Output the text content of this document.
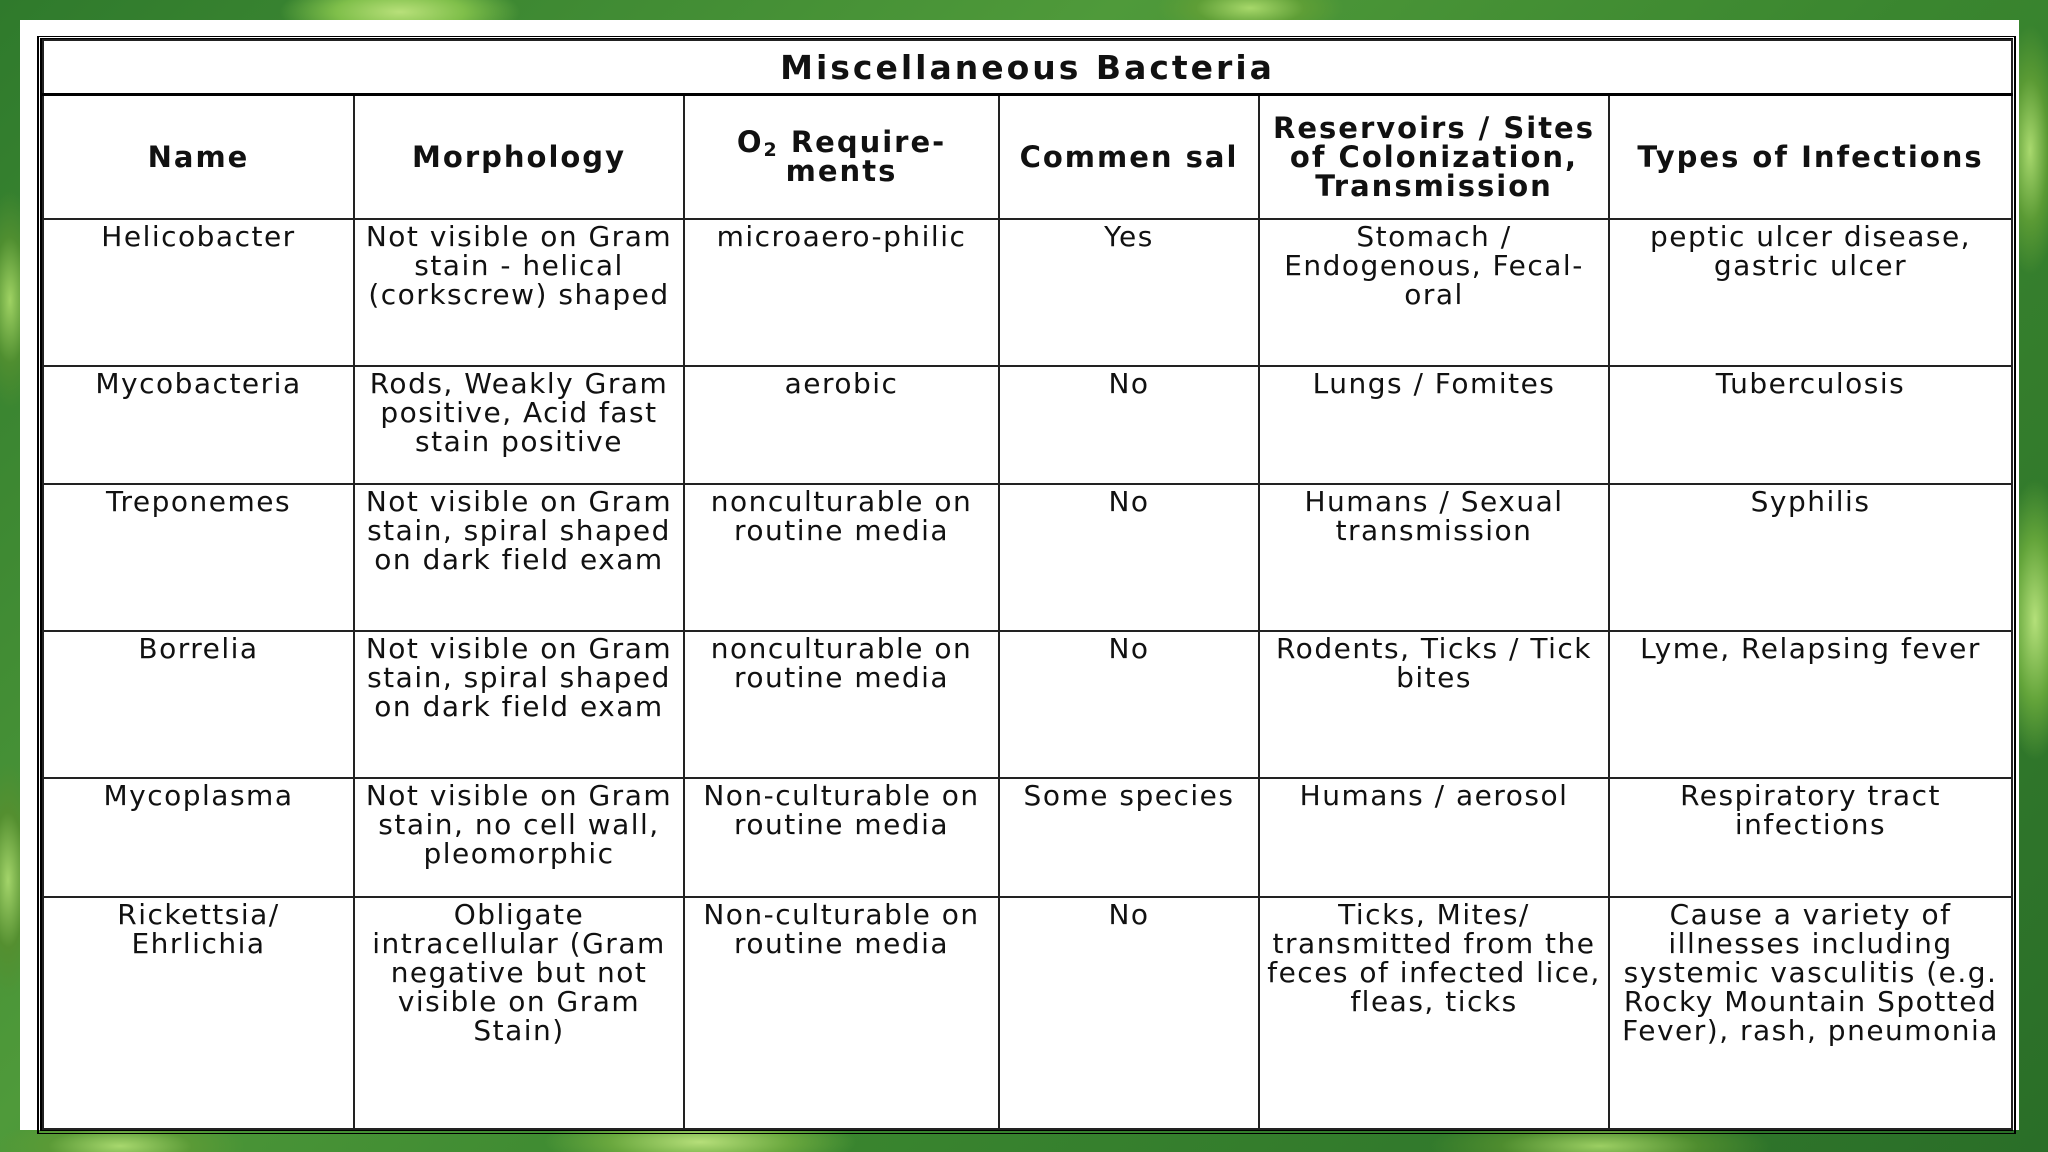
Miscellaneous Bacteria					
Name	Morphology	$O_2$ Require-ments	Commen sal	Reservoirs / Sites of Colonization, Transmission	Types of Infections
Helicobacter	Not visible on Gram stain - helical (corkscrew) shaped	microaero-philic	Yes	Stomach / Endogenous, Fecal-oral	peptic ulcer disease, gastric ulcer
Mycobacteria	Rods, Weakly Gram positive, Acid fast stain positive	aerobic	No	Lungs / Fomites	Tuberculosis
Treponemes	Not visible on Gram stain, spiral shaped on dark field exam	nonculturable on routine media	No	Humans / Sexual transmission	Syphilis
Borrelia	Not visible on Gram stain, spiral shaped on dark field exam	nonculturable on routine media	No	Rodents, Ticks / Tick bites	Lyme, Relapsing fever
Mycoplasma	Not visible on Gram stain, no cell wall, pleomorphic	Non-culturable on routine media	Some species	Humans / aerosol	Respiratory tract infections
Rickettsia/ Ehrlichia	Obligate intracellular (Gram negative but not visible on Gram Stain)	Non-culturable on routine media	No	Ticks, Mites/ transmitted from the feces of infected lice, fleas, ticks	Cause a variety of illnesses including systemic vasculitis (e.g. Rocky Mountain Spotted Fever), rash, pneumonia
